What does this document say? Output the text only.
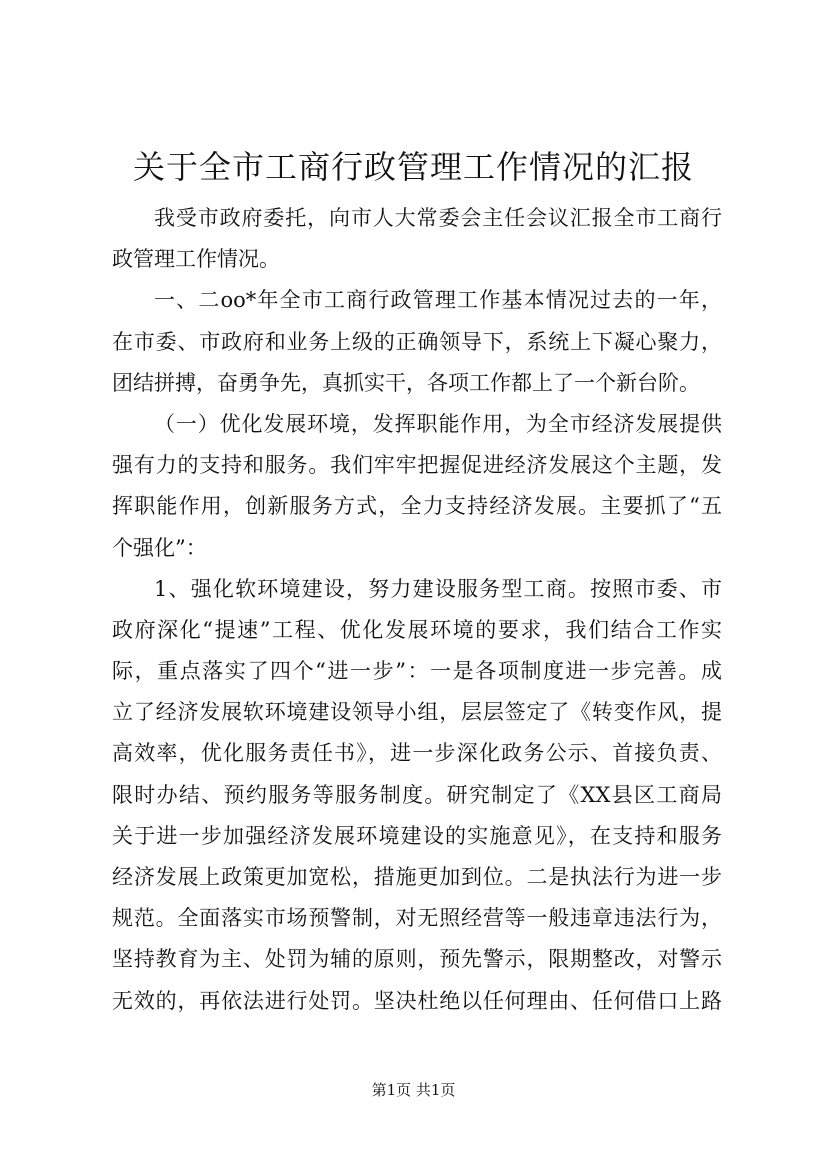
关于全市工商行政管理工作情况的汇报
我受市政府委托，向市人大常委会主任会议汇报全市工商行
政管理工作情况。
一、二oo*年全市工商行政管理工作基本情况过去的一年，
在市委、市政府和业务上级的正确领导下，系统上下凝心聚力，
团结拼搏，奋勇争先，真抓实干，各项工作都上了一个新台阶。
（一）优化发展环境，发挥职能作用，为全市经济发展提供
强有力的支持和服务。我们牢牢把握促进经济发展这个主题，发
挥职能作用，创新服务方式，全力支持经济发展。主要抓了“五
个强化”：
1、强化软环境建设，努力建设服务型工商。按照市委、市
政府深化“提速”工程、优化发展环境的要求，我们结合工作实
际，重点落实了四个“进一步”：一是各项制度进一步完善。成
立了经济发展软环境建设领导小组，层层签定了《转变作风，提
高效率，优化服务责任书》，进一步深化政务公示、首接负责、
限时办结、预约服务等服务制度。研究制定了《XX县区工商局
关于进一步加强经济发展环境建设的实施意见》，在支持和服务
经济发展上政策更加宽松，措施更加到位。二是执法行为进一步
规范。全面落实市场预警制，对无照经营等一般违章违法行为，
坚持教育为主、处罚为辅的原则，预先警示，限期整改，对警示
无效的，再依法进行处罚。坚决杜绝以任何理由、任何借口上路
第1页 共1页
